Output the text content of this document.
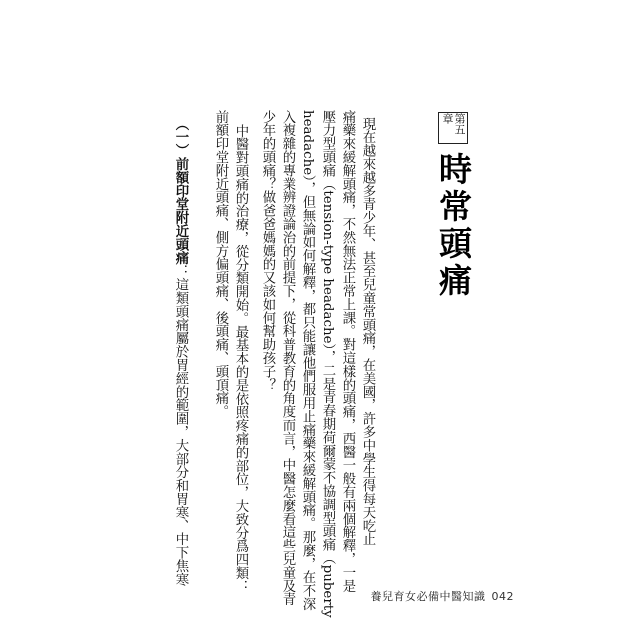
第五章
時常頭痛
現在越來越多青少年、甚至兒童常頭痛，在美國，許多中學生得每天吃止
痛藥來緩解頭痛，不然無法正常上課。對這樣的頭痛，西醫一般有兩個解釋，一是
壓力型頭痛（tension-type headache），二是青春期荷爾蒙不協調型頭痛（puberty
headache），但無論如何解釋，都只能讓他們服用止痛藥來緩解頭痛。那麼，在不深
入複雜的專業辨證論治的前提下，從科普教育的角度而言，中醫怎麼看這些兒童及青
少年的頭痛？做爸爸媽媽的又該如何幫助孩子？
中醫對頭痛的治療，從分類開始。最基本的是依照疼痛的部位，大致分爲四類：
前額印堂附近頭痛、側方偏頭痛、後頭痛、頭頂痛。
（一）前額印堂附近頭痛：這類頭痛屬於胃經的範圍，大部分和胃寒、中下焦寒
養兒育女必備中醫知識 042
